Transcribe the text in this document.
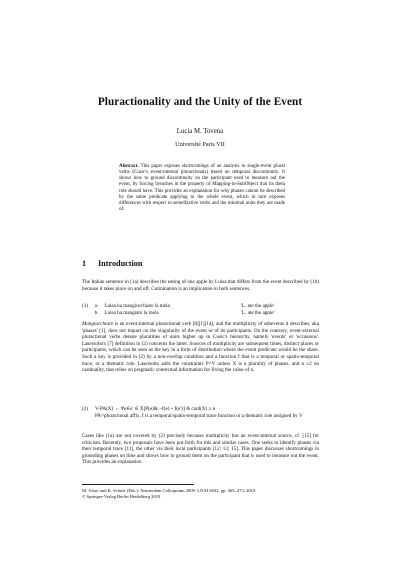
Pluractionality and the Unity of the Event
Lucia M. Tovena
Université Paris VII
Abstract. This paper exposes shortcomings of an analysis to single-event plural verbs (Cusic's event-internal pluractionals) based on temporal discontinuity. It shows how to ground discontinuity on the participant used to measure out the event, by forcing breaches in the property of Mapping-to-SubObject that its theta role should have. This provides an explanation for why phases cannot be described by the same predicate applying to the whole event, which in turn exposes differences with respect to semelfactive verbs and the minimal units they are made of.
1 Introduction
The Italian sentence in (1a) describes the eating of one apple by Luisa that differs from the event described by (1b) because it takes place on and off. Culmination is an implicature in both sentences.
(1)	a.	Luisa ha mangiucchiato la mela	'L. ate the apple'
b.	Luisa ha mangiato la mela	'L. ate the apple'
Mangiucchiare is an event-internal pluractional verb [8][1][14], and the multiplicity of subevents it describes, aka 'phases' [1], does not impact on the singularity of the event or of its participants. On the contrary, event-external pluractional verbs denote pluralities of units higher up in Cusic's hierarchy, namely 'events' or 'occasions'. Lasersohn's [7] definition in (2) concerns the latter. Sources of multiplicity are subsequent times, distinct places or participants, which can be seen as the key in a form of distribution where the event predicate would be the share. Such a key is provided in (2) by a non-overlap condition and a function f that is a temporal or spatio-temporal trace, or a thematic role. Lasersohn adds the constraints P=V unless X is a plurality of phases, and n ≥2 on cardinality, that relies on pragmatic contextual information for fixing the value of n.
(2)	V-PA(X) ⇔ ∀e∈e′ ∈ X[P(e)& ¬f(e) ∘ f(e′)] & card(X) ≥ n
PA=pluractional affix, f is a temporal/spatio-temporal trace function or a thematic role assigned by V
Cases like (1a) are not covered by (2) precisely because multiplicity has an event-internal source, cf. [15] for criticism. Recently, two proposals have been put forth for this and similar cases. One seeks to identify phases via their temporal trace [11], the other via their local participants [12; 13; 15]. This paper discusses shortcomings in grounding phases on time and shows how to ground them on the participant that is used to measure out the event. This provides an explanation
M. Aloni and K. Schulz (Eds.): Amsterdam Colloquium 2009, LNAI 6042, pp. 465–473, 2010.
© Springer-Verlag Berlin Heidelberg 2010
